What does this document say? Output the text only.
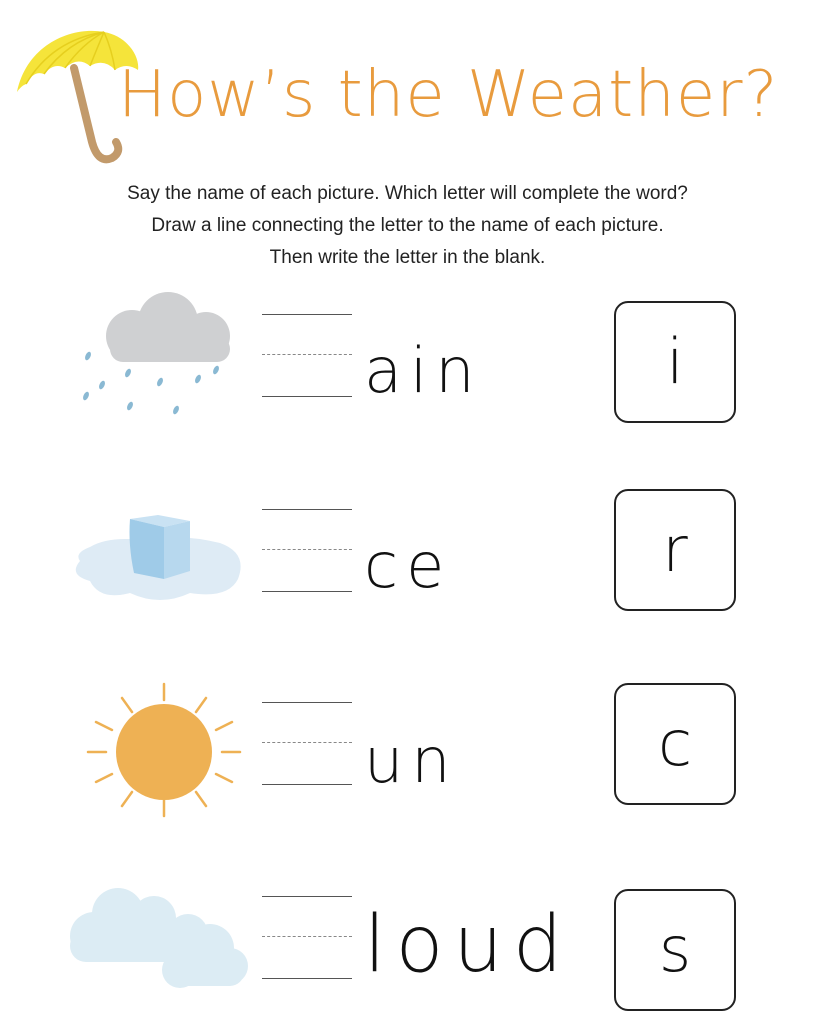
How’s the Weather?
Say the name of each picture. Which letter will complete the word?
Draw a line connecting the letter to the name of each picture.
Then write the letter in the blank.
ain	i
ce	r
un	c
loud s
